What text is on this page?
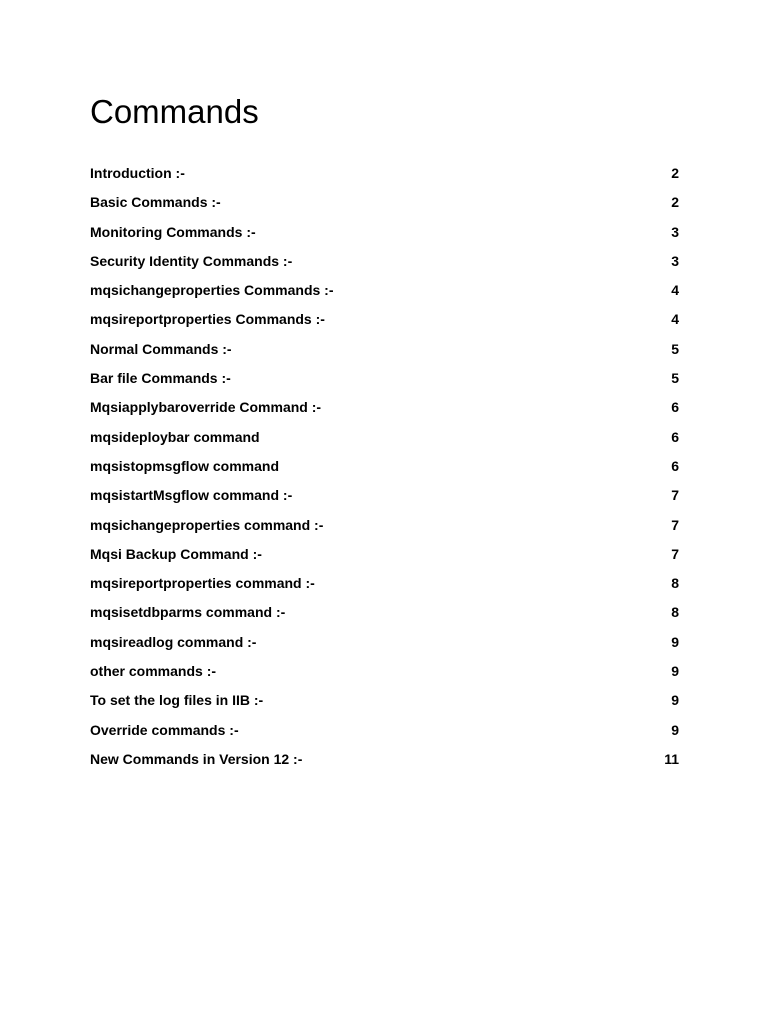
Commands
Introduction :-	2
Basic Commands :-	2
Monitoring Commands :-	3
Security Identity Commands :-	3
mqsichangeproperties Commands :-	4
mqsireportproperties Commands :-	4
Normal Commands :-	5
Bar file Commands :-	5
Mqsiapplybaroverride Command :-	6
mqsideploybar command	6
mqsistopmsgflow command	6
mqsistartMsgflow command :-	7
mqsichangeproperties command :-	7
Mqsi Backup Command :-	7
mqsireportproperties command :-	8
mqsisetdbparms command :-	8
mqsireadlog command :-	9
other commands :-	9
To set the log files in IIB :-	9
Override commands :-	9
New Commands in Version 12 :-	11
